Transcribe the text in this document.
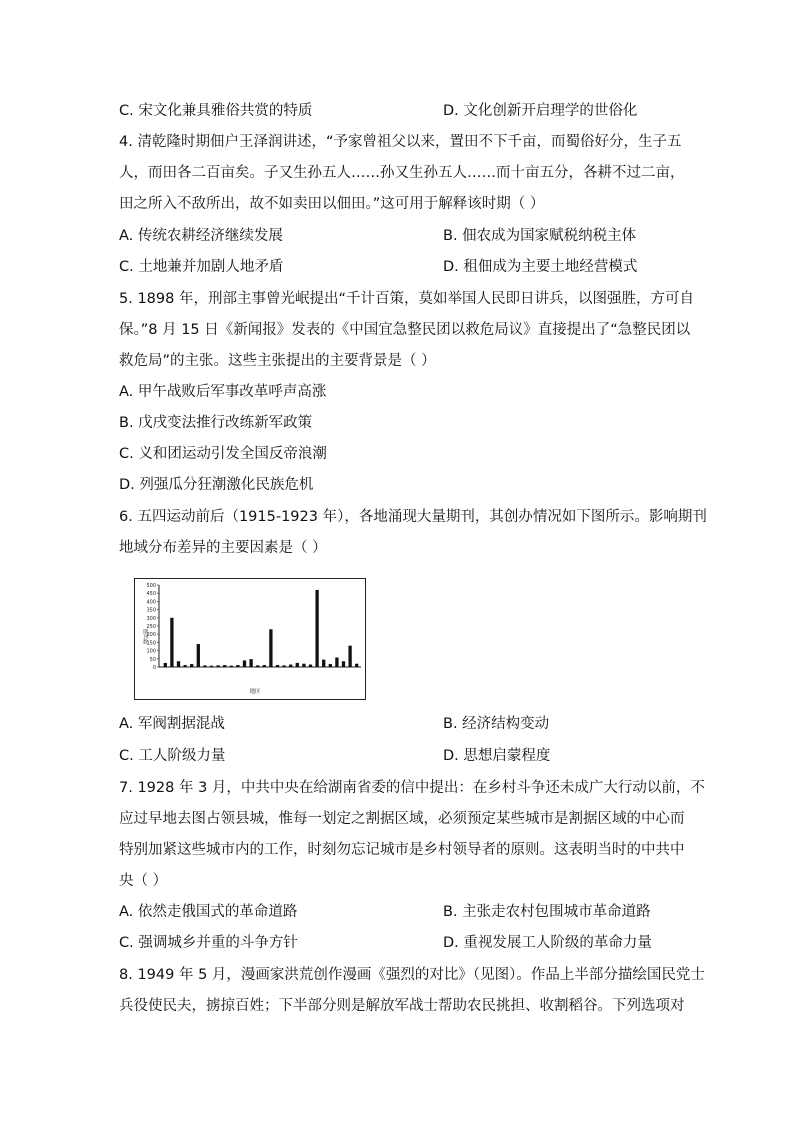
C. 宋文化兼具雅俗共赏的特质	D. 文化创新开启理学的世俗化
4. 清乾隆时期佃户王泽润讲述，“予家曾祖父以来，置田不下千亩，而蜀俗好分，生子五
人，而田各二百亩矣。子又生孙五人……孙又生孙五人……而十亩五分，各耕不过二亩，
田之所入不敌所出，故不如卖田以佃田。”这可用于解释该时期（ ）
A. 传统农耕经济继续发展	B. 佃农成为国家赋税纳税主体
C. 土地兼并加剧人地矛盾	D. 租佃成为主要土地经营模式
5. 1898 年，刑部主事曾光岷提出“千计百策，莫如举国人民即日讲兵，以图强胜，方可自
保。”8 月 15 日《新闻报》发表的《中国宜急整民团以救危局议》直接提出了“急整民团以
救危局”的主张。这些主张提出的主要背景是（ ）
A. 甲午战败后军事改革呼声高涨
B. 戊戌变法推行改练新军政策
C. 义和团运动引发全国反帝浪潮
D. 列强瓜分狂潮激化民族危机
6. 五四运动前后（1915-1923 年），各地涌现大量期刊，其创办情况如下图所示。影响期刊
地域分布差异的主要因素是（ ）
0
50
100
150
200
250
300
350
400
450
500
期刊数
地区
A. 军阀割据混战	B. 经济结构变动
C. 工人阶级力量	D. 思想启蒙程度
7. 1928 年 3 月，中共中央在给湖南省委的信中提出：在乡村斗争还未成广大行动以前，不
应过早地去图占领县城，惟每一划定之割据区域，必须预定某些城市是割据区域的中心而
特别加紧这些城市内的工作，时刻勿忘记城市是乡村领导者的原则。这表明当时的中共中
央（ ）
A. 依然走俄国式的革命道路	B. 主张走农村包围城市革命道路
C. 强调城乡并重的斗争方针	D. 重视发展工人阶级的革命力量
8. 1949 年 5 月，漫画家洪荒创作漫画《强烈的对比》（见图）。作品上半部分描绘国民党士
兵役使民夫，掳掠百姓；下半部分则是解放军战士帮助农民挑担、收割稻谷。下列选项对
